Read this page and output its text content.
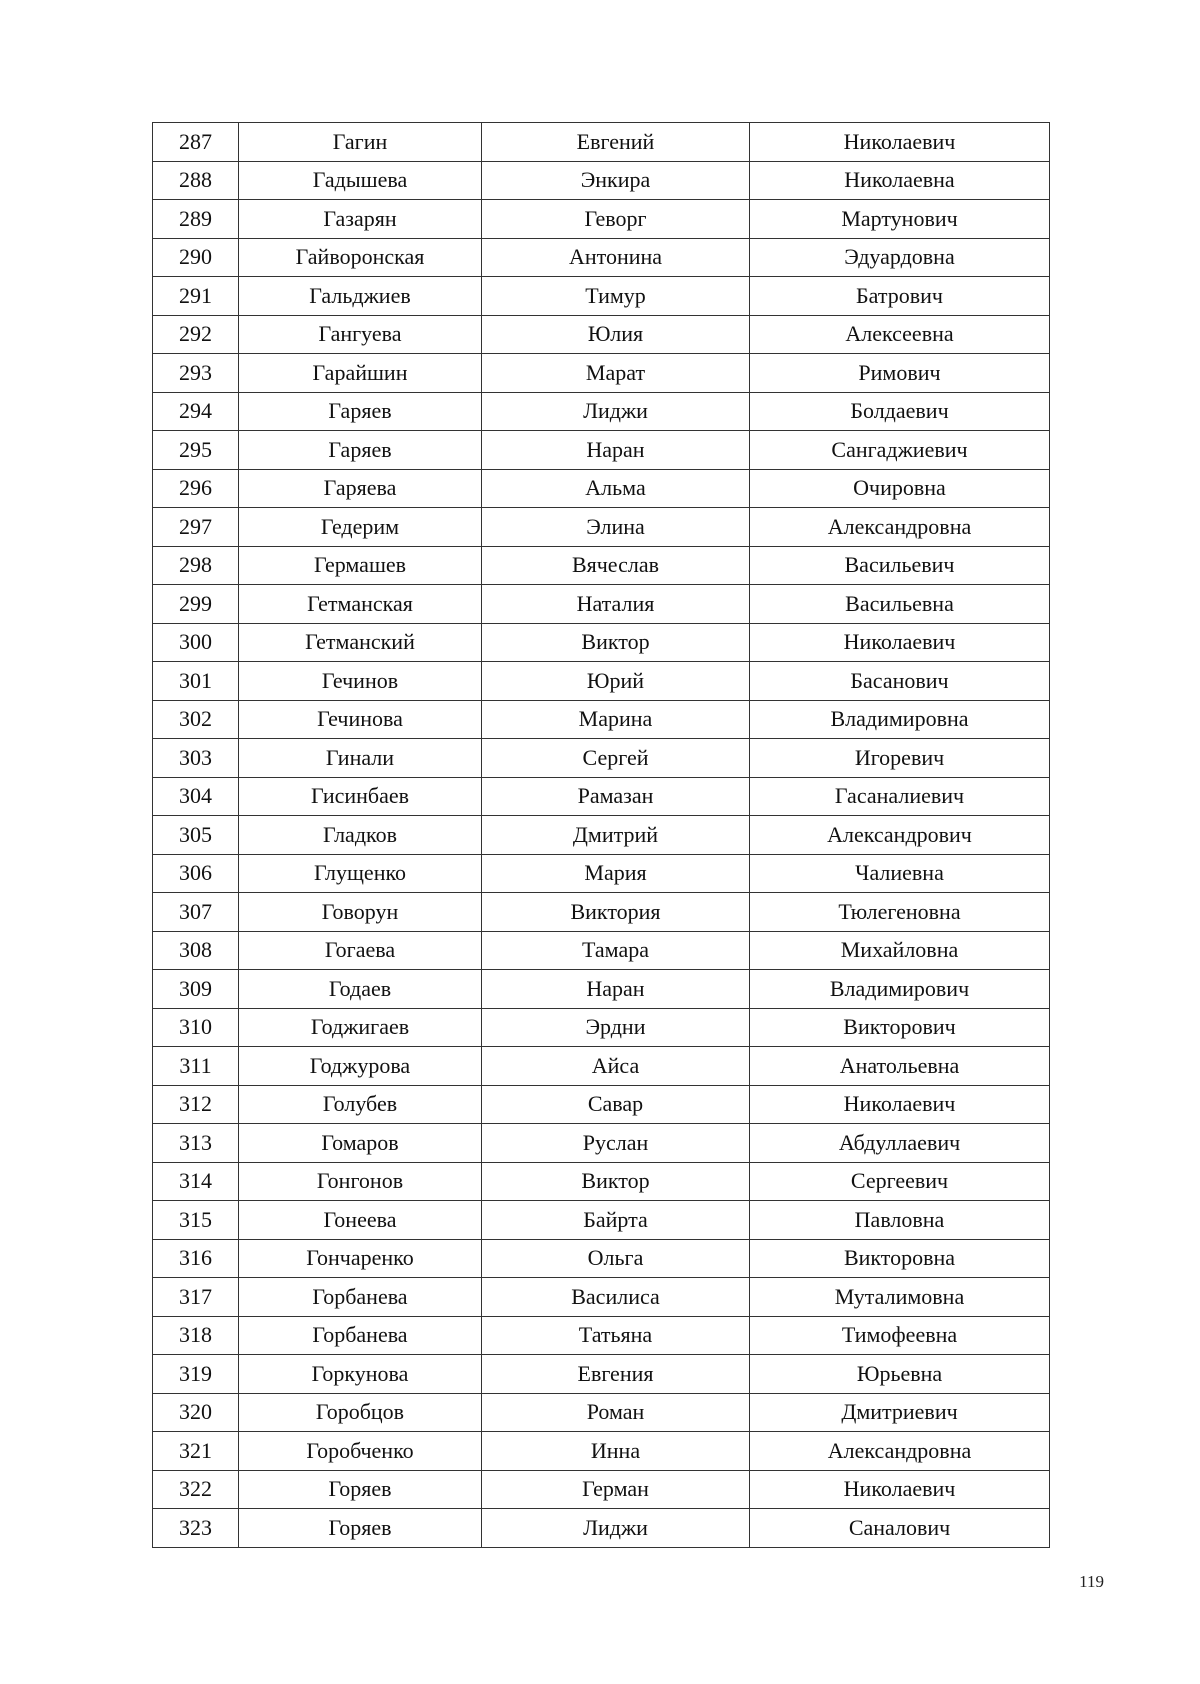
287	Гагин	Евгений	Николаевич
288	Гадышева	Энкира	Николаевна
289	Газарян	Геворг	Мартунович
290	Гайворонская	Антонина	Эдуардовна
291	Гальджиев	Тимур	Батрович
292	Гангуева	Юлия	Алексеевна
293	Гарайшин	Марат	Римович
294	Гаряев	Лиджи	Болдаевич
295	Гаряев	Наран	Сангаджиевич
296	Гаряева	Альма	Очировна
297	Гедерим	Элина	Александровна
298	Гермашев	Вячеслав	Васильевич
299	Гетманская	Наталия	Васильевна
300	Гетманский	Виктор	Николаевич
301	Гечинов	Юрий	Басанович
302	Гечинова	Марина	Владимировна
303	Гинали	Сергей	Игоревич
304	Гисинбаев	Рамазан	Гасаналиевич
305	Гладков	Дмитрий	Александрович
306	Глущенко	Мария	Чалиевна
307	Говорун	Виктория	Тюлегеновна
308	Гогаева	Тамара	Михайловна
309	Годаев	Наран	Владимирович
310	Годжигаев	Эрдни	Викторович
311	Годжурова	Айса	Анатольевна
312	Голубев	Савар	Николаевич
313	Гомаров	Руслан	Абдуллаевич
314	Гонгонов	Виктор	Сергеевич
315	Гонеева	Байрта	Павловна
316	Гончаренко	Ольга	Викторовна
317	Горбанева	Василиса	Муталимовна
318	Горбанева	Татьяна	Тимофеевна
319	Горкунова	Евгения	Юрьевна
320	Горобцов	Роман	Дмитриевич
321	Горобченко	Инна	Александровна
322	Горяев	Герман	Николаевич
323	Горяев	Лиджи	Саналович
119
